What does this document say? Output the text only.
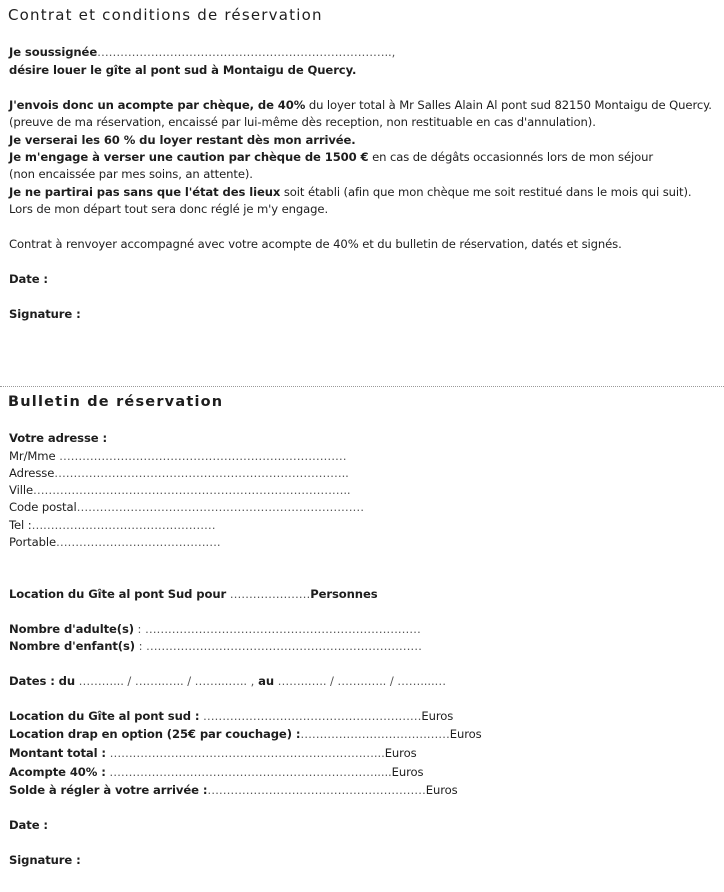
Contrat et conditions de réservation
Je soussignée…………………………………………………………………..,
désire louer le gîte al pont sud à Montaigu de Quercy.
J'envois donc un acompte par chèque, de 40% du loyer total à Mr Salles Alain Al pont sud 82150 Montaigu de Quercy.
(preuve de ma réservation, encaissé par lui-même dès reception, non restituable en cas d'annulation).
Je verserai les 60 % du loyer restant dès mon arrivée.
Je m'engage à verser une caution par chèque de 1500 € en cas de dégâts occasionnés lors de mon séjour
(non encaissée par mes soins, an attente).
Je ne partirai pas sans que l'état des lieux soit établi (afin que mon chèque me soit restitué dans le mois qui suit).
Lors de mon départ tout sera donc réglé je m'y engage.
Contrat à renvoyer accompagné avec votre acompte de 40% et du bulletin de réservation, datés et signés.
Date :
Signature :
Bulletin de réservation
Votre adresse :
Mr/Mme …………………………………………………………………
Adresse…………………………………………………………………..
Ville………………………………………………………………………..
Code postal…………………………………………………………………
Tel :…………………………………………
Portable…………………………………….
Location du Gîte al pont Sud pour …………………Personnes
Nombre d'adulte(s) : ………………………………………………………………
Nombre d'enfant(s) : ………………………………………………………………
Dates : du ………... / ……..….. / ……...….. , au ……..….. / ……..….. / ……....…
Location du Gîte al pont sud : …………………………………………………Euros
Location drap en option (25€ par couchage) :…………………………………Euros
Montant total : ……………………………………………………………...Euros
Acompte 40% : …………………………………………………………….....Euros
Solde à régler à votre arrivée :…………………………………………………Euros
Date :
Signature :
